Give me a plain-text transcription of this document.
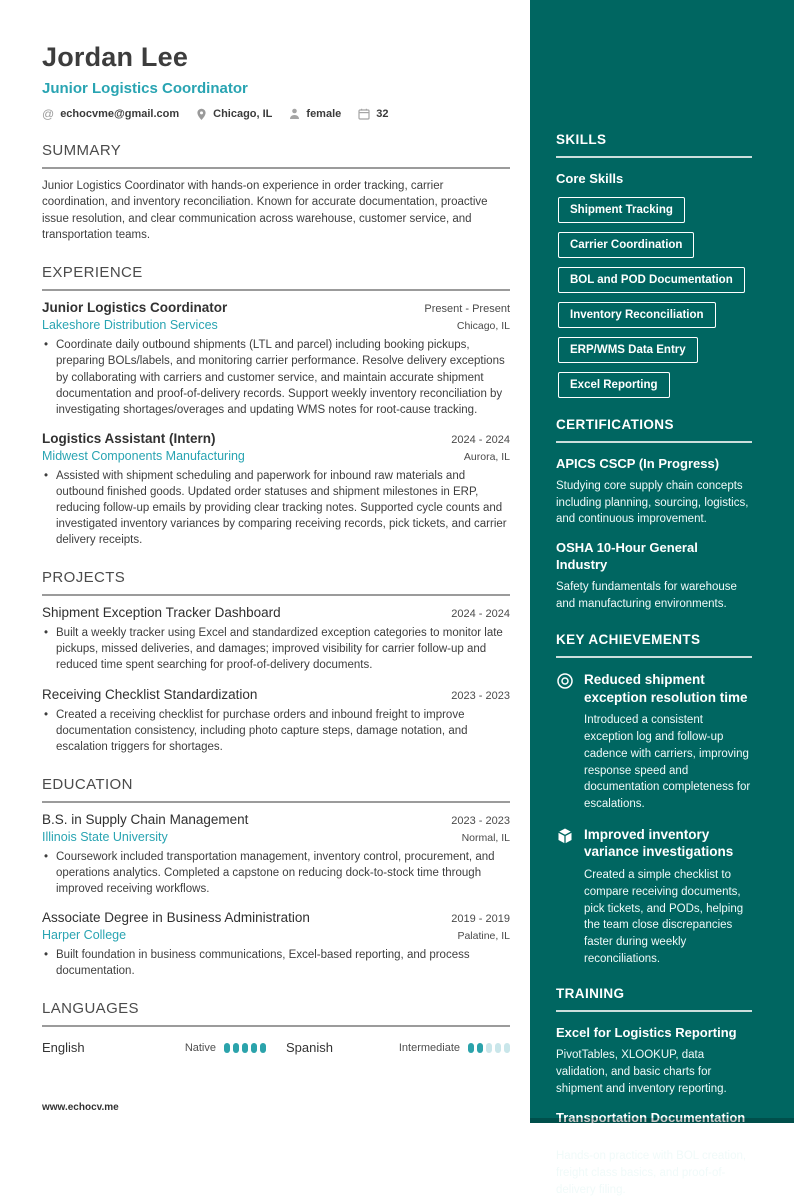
Jordan Lee
Junior Logistics Coordinator
@ echocvme@gmail.com	Chicago, IL	female	32
SUMMARY

Junior Logistics Coordinator with hands-on experience in order tracking, carrier coordination, and inventory reconciliation. Known for accurate documentation, proactive issue resolution, and clear communication across warehouse, customer service, and transportation teams.

EXPERIENCE
Junior Logistics Coordinator	Present - Present
Lakeshore Distribution Services	Chicago, IL
• Coordinate daily outbound shipments (LTL and parcel) including booking pickups, preparing BOLs/labels, and monitoring carrier performance. Resolve delivery exceptions by collaborating with carriers and customer service, and maintain accurate shipment documentation and proof-of-delivery records. Support weekly inventory reconciliation by investigating shortages/overages and updating WMS notes for root-cause tracking.
Logistics Assistant (Intern)	2024 - 2024
Midwest Components Manufacturing	Aurora, IL
• Assisted with shipment scheduling and paperwork for inbound raw materials and outbound finished goods. Updated order statuses and shipment milestones in ERP, reducing follow-up emails by providing clear tracking notes. Supported cycle counts and investigated inventory variances by comparing receiving records, pick tickets, and carrier delivery receipts.
PROJECTS
Shipment Exception Tracker Dashboard	2024 - 2024
• Built a weekly tracker using Excel and standardized exception categories to monitor late pickups, missed deliveries, and damages; improved visibility for carrier follow-up and reduced time spent searching for proof-of-delivery documents.
Receiving Checklist Standardization	2023 - 2023
• Created a receiving checklist for purchase orders and inbound freight to improve documentation consistency, including photo capture steps, damage notation, and escalation triggers for shortages.
EDUCATION
B.S. in Supply Chain Management	2023 - 2023
Illinois State University	Normal, IL
• Coursework included transportation management, inventory control, procurement, and operations analytics. Completed a capstone on reducing dock-to-stock time through improved receiving workflows.
Associate Degree in Business Administration	2019 - 2019
Harper College	Palatine, IL
• Built foundation in business communications, Excel-based reporting, and process documentation.
LANGUAGES
English	Native	Spanish	Intermediate
www.echocv.me
SKILLS
Core Skills
Shipment Tracking
Carrier Coordination
BOL and POD Documentation
Inventory Reconciliation
ERP/WMS Data Entry
Excel Reporting
CERTIFICATIONS
APICS CSCP (In Progress)
Studying core supply chain concepts including planning, sourcing, logistics, and continuous improvement.
OSHA 10-Hour General Industry
Safety fundamentals for warehouse and manufacturing environments.
KEY ACHIEVEMENTS
Reduced shipment exception resolution time
Introduced a consistent exception log and follow-up cadence with carriers, improving response speed and documentation completeness for escalations.
Improved inventory variance investigations
Created a simple checklist to compare receiving documents, pick tickets, and PODs, helping the team close discrepancies faster during weekly reconciliations.
TRAINING
Excel for Logistics Reporting
PivotTables, XLOOKUP, data validation, and basic charts for shipment and inventory reporting.
Transportation Documentation and Compliance
Hands-on practice with BOL creation, freight class basics, and proof-of-delivery filing.
